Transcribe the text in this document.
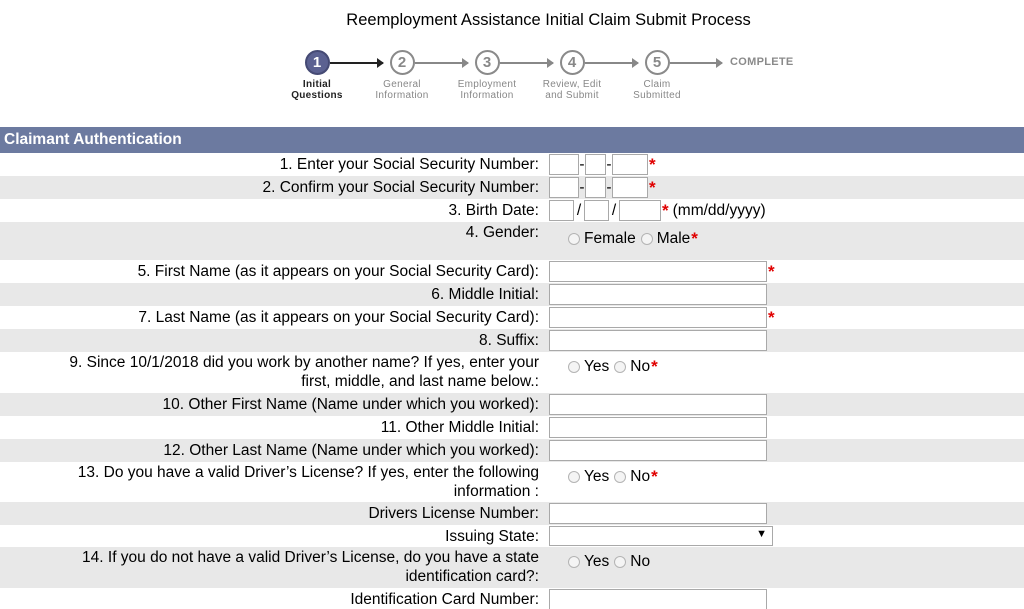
Reemployment Assistance Initial Claim Submit Process
1
Initial
Questions
2
General
Information
3
Employment
Information
4
Review, Edit
and Submit
5
Claim
Submitted
COMPLETE
Claimant Authentication
1. Enter your Social Security Number:	- - *
2. Confirm your Social Security Number:	- - *
3. Birth Date: / /	* (mm/dd/yyyy)
4. Gender:	Female Male *
5. First Name (as it appears on your Social Security Card):	*
6. Middle Initial:
7. Last Name (as it appears on your Social Security Card):	*
8. Suffix:
9. Since 10/1/2018 did you work by another name? If yes, enter your
first, middle, and last name below.:
Yes No *
10. Other First Name (Name under which you worked):
11. Other Middle Initial:
12. Other Last Name (Name under which you worked):
13. Do you have a valid Driver’s License? If yes, enter the following
information :
Yes No *
Drivers License Number:
Issuing State:	▼
14. If you do not have a valid Driver’s License, do you have a state
identification card?:
Yes No
Identification Card Number:
